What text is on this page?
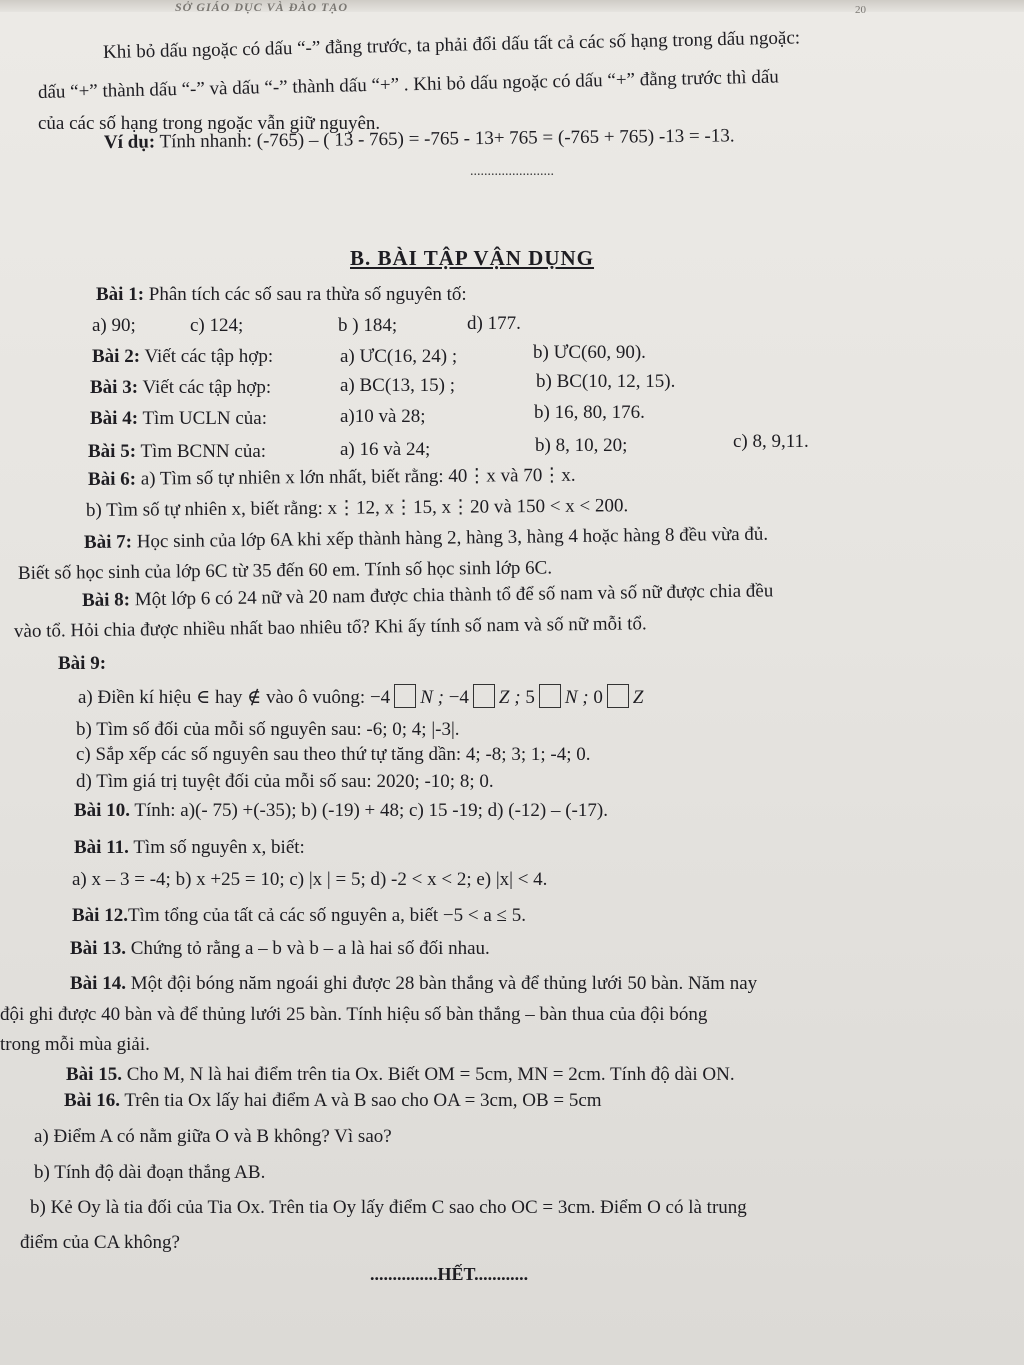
SỞ GIÁO DỤC VÀ ĐÀO TẠO	20
Khi bỏ dấu ngoặc có dấu “-” đằng trước, ta phải đổi dấu tất cả các số hạng trong dấu ngoặc:
dấu “+” thành dấu “-” và dấu “-” thành dấu “+” . Khi bỏ dấu ngoặc có dấu “+” đằng trước thì dấu
của các số hạng trong ngoặc vẫn giữ nguyên.
Ví dụ: Tính nhanh: (-765) – ( 13 - 765) = -765 - 13+ 765 = (-765 + 765) -13 = -13.
........................
B. BÀI TẬP VẬN DỤNG
Bài 1: Phân tích các số sau ra thừa số nguyên tố:
a) 90;	c) 124;	b ) 184;	d) 177.
Bài 2: Viết các tập hợp:	a) ƯC(16, 24) ;	b) ƯC(60, 90).
Bài 3: Viết các tập hợp:	a) BC(13, 15) ;	b) BC(10, 12, 15).
Bài 4: Tìm UCLN của:	a)10 và 28;	b) 16, 80, 176.
Bài 5: Tìm BCNN của:	a) 16 và 24;	b) 8, 10, 20;	c) 8, 9,11.
Bài 6: a) Tìm số tự nhiên x lớn nhất, biết rằng: 40⋮x và 70⋮x.
b) Tìm số tự nhiên x, biết rằng: x⋮12, x⋮15, x⋮20 và 150 < x < 200.
Bài 7: Học sinh của lớp 6A khi xếp thành hàng 2, hàng 3, hàng 4 hoặc hàng 8 đều vừa đủ.
Biết số học sinh của lớp 6C từ 35 đến 60 em. Tính số học sinh lớp 6C.
Bài 8: Một lớp 6 có 24 nữ và 20 nam được chia thành tổ để số nam và số nữ được chia đều
vào tổ. Hỏi chia được nhiều nhất bao nhiêu tổ? Khi ấy tính số nam và số nữ mỗi tổ.
Bài 9:
a) Điền kí hiệu ∈ hay ∉ vào ô vuông: −4 N ; −4 Z ; 5 N ; 0 Z
b) Tìm số đối của mỗi số nguyên sau: -6; 0; 4; |-3|.
c) Sắp xếp các số nguyên sau theo thứ tự tăng dần: 4; -8; 3; 1; -4; 0.
d) Tìm giá trị tuyệt đối của mỗi số sau: 2020; -10; 8; 0.
Bài 10. Tính: a)(- 75) +(-35); b) (-19) + 48; c) 15 -19; d) (-12) – (-17).
Bài 11. Tìm số nguyên x, biết:
a) x – 3 = -4; b) x +25 = 10; c) |x | = 5; d) -2 < x < 2; e) |x| < 4.
Bài 12.Tìm tổng của tất cả các số nguyên a, biết −5 < a ≤ 5.
Bài 13. Chứng tỏ rằng a – b và b – a là hai số đối nhau.
Bài 14. Một đội bóng năm ngoái ghi được 28 bàn thắng và để thủng lưới 50 bàn. Năm nay
đội ghi được 40 bàn và để thủng lưới 25 bàn. Tính hiệu số bàn thắng – bàn thua của đội bóng
trong mỗi mùa giải.
Bài 15. Cho M, N là hai điểm trên tia Ox. Biết OM = 5cm, MN = 2cm. Tính độ dài ON.
Bài 16. Trên tia Ox lấy hai điểm A và B sao cho OA = 3cm, OB = 5cm
a) Điểm A có nằm giữa O và B không? Vì sao?
b) Tính độ dài đoạn thắng AB.
b) Kẻ Oy là tia đối của Tia Ox. Trên tia Oy lấy điểm C sao cho OC = 3cm. Điểm O có là trung
điểm của CA không?
...............HẾT............
